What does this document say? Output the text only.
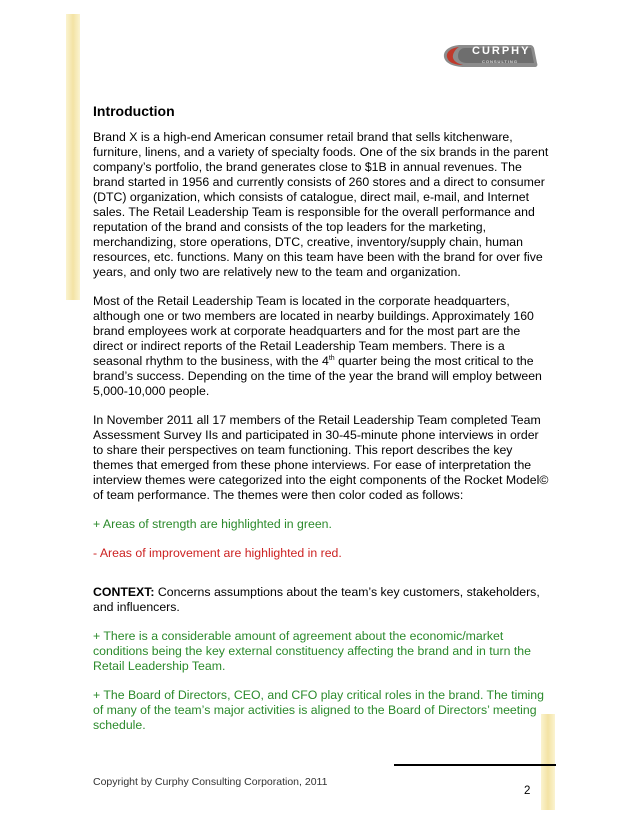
CURPHY
CONSULTING
Introduction

Brand X is a high-end American consumer retail brand that sells kitchenware, furniture, linens, and a variety of specialty foods. One of the six brands in the parent company’s portfolio, the brand generates close to $1B in annual revenues. The brand started in 1956 and currently consists of 260 stores and a direct to consumer (DTC) organization, which consists of catalogue, direct mail, e-mail, and Internet sales. The Retail Leadership Team is responsible for the overall performance and reputation of the brand and consists of the top leaders for the marketing, merchandizing, store operations, DTC, creative, inventory/supply chain, human resources, etc. functions. Many on this team have been with the brand for over five years, and only two are relatively new to the team and organization.

Most of the Retail Leadership Team is located in the corporate headquarters, although one or two members are located in nearby buildings. Approximately 160 brand employees work at corporate headquarters and for the most part are the direct or indirect reports of the Retail Leadership Team members. There is a seasonal rhythm to the business, with the 4th quarter being the most critical to the brand’s success. Depending on the time of the year the brand will employ between 5,000-10,000 people.

In November 2011 all 17 members of the Retail Leadership Team completed Team Assessment Survey IIs and participated in 30-45-minute phone interviews in order to share their perspectives on team functioning. This report describes the key themes that emerged from these phone interviews. For ease of interpretation the interview themes were categorized into the eight components of the Rocket Model© of team performance. The themes were then color coded as follows:

+ Areas of strength are highlighted in green.

- Areas of improvement are highlighted in red.

CONTEXT: Concerns assumptions about the team’s key customers, stakeholders, and influencers.

+ There is a considerable amount of agreement about the economic/market conditions being the key external constituency affecting the brand and in turn the Retail Leadership Team.

+ The Board of Directors, CEO, and CFO play critical roles in the brand. The timing of many of the team’s major activities is aligned to the Board of Directors’ meeting schedule.

Copyright by Curphy Consulting Corporation, 2011
2
